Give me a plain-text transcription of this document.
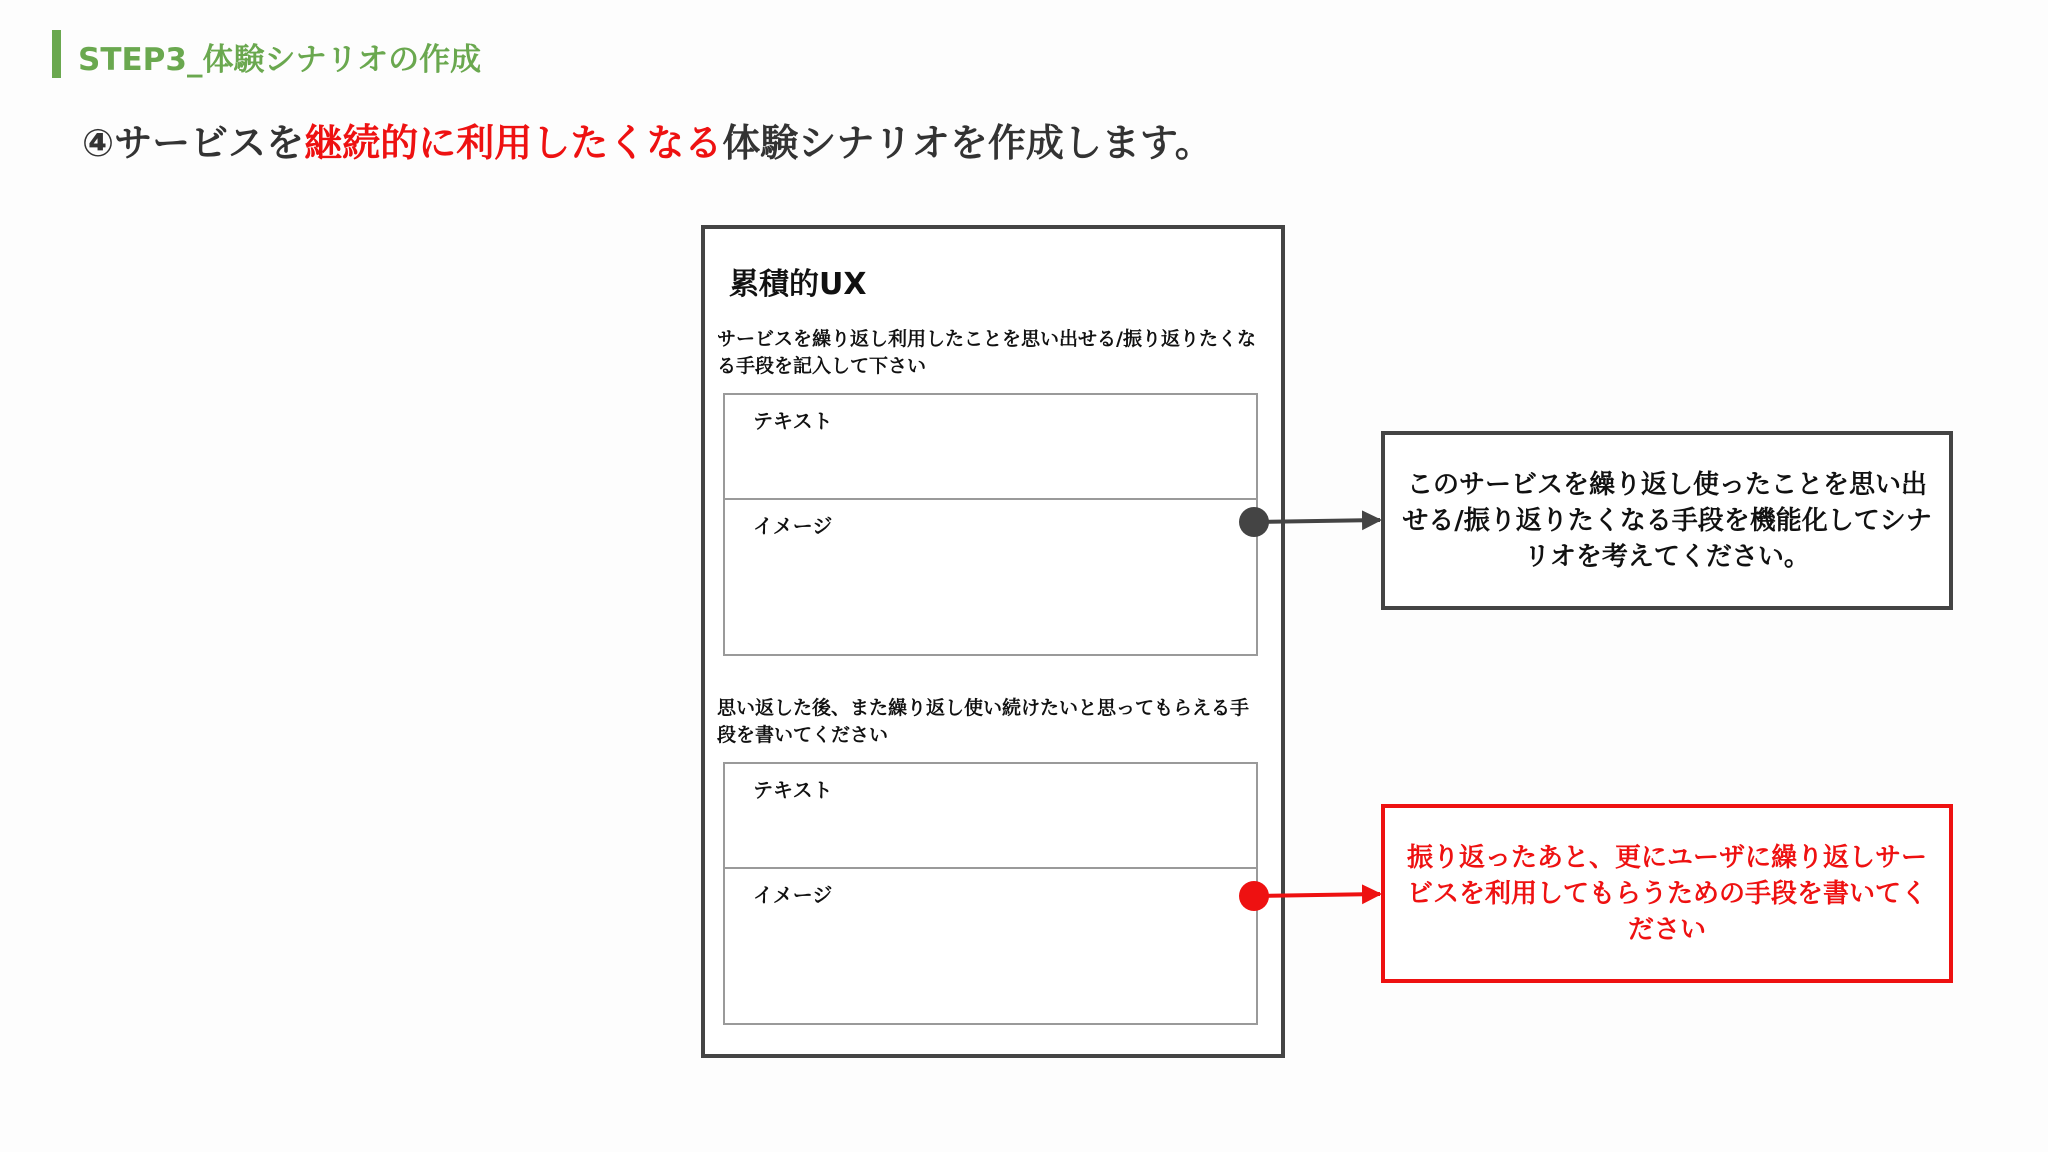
STEP3_体験シナリオの作成
④サービスを継続的に利用したくなる体験シナリオを作成します。
累積的UX
サービスを繰り返し利用したことを思い出せる/振り返りたくなる手段を記入して下さい
テキスト
イメージ
思い返した後、また繰り返し使い続けたいと思ってもらえる手段を書いてください
テキスト
イメージ
このサービスを繰り返し使ったことを思い出せる/振り返りたくなる手段を機能化してシナリオを考えてください。
振り返ったあと、更にユーザに繰り返しサービスを利用してもらうための手段を書いてください
